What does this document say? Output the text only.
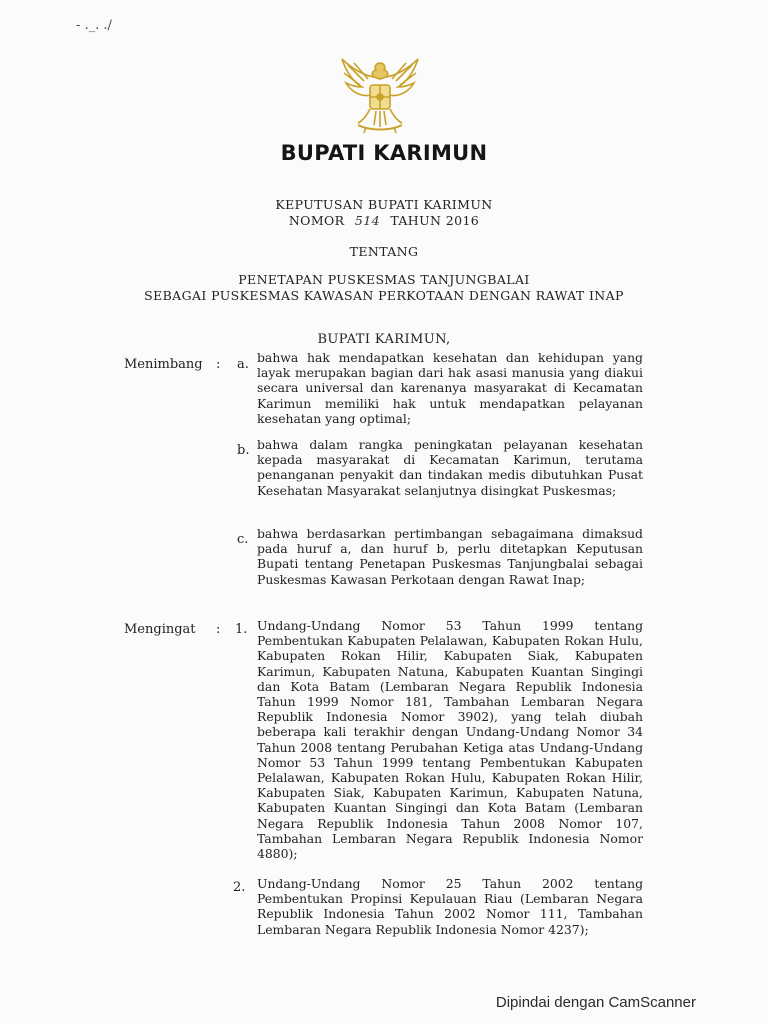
- ._. ./
BUPATI KARIMUN
KEPUTUSAN BUPATI KARIMUN
NOMOR 514 TAHUN 2016
TENTANG
PENETAPAN PUSKESMAS TANJUNGBALAI
SEBAGAI PUSKESMAS KAWASAN PERKOTAAN DENGAN RAWAT INAP
BUPATI KARIMUN,
Menimbang : a. bahwa hak mendapatkan kesehatan dan kehidupan yang layak merupakan bagian dari hak asasi manusia yang diakui secara universal dan karenanya masyarakat di Kecamatan Karimun memiliki hak untuk mendapatkan pelayanan kesehatan yang optimal;
b. bahwa dalam rangka peningkatan pelayanan kesehatan kepada masyarakat di Kecamatan Karimun, terutama penanganan penyakit dan tindakan medis dibutuhkan Pusat Kesehatan Masyarakat selanjutnya disingkat Puskesmas;
c. bahwa berdasarkan pertimbangan sebagaimana dimaksud pada huruf a, dan huruf b, perlu ditetapkan Keputusan Bupati tentang Penetapan Puskesmas Tanjungbalai sebagai Puskesmas Kawasan Perkotaan dengan Rawat Inap;
Mengingat : 1. Undang-Undang Nomor 53 Tahun 1999 tentang Pembentukan Kabupaten Pelalawan, Kabupaten Rokan Hulu, Kabupaten Rokan Hilir, Kabupaten Siak, Kabupaten Karimun, Kabupaten Natuna, Kabupaten Kuantan Singingi dan Kota Batam (Lembaran Negara Republik Indonesia Tahun 1999 Nomor 181, Tambahan Lembaran Negara Republik Indonesia Nomor 3902), yang telah diubah beberapa kali terakhir dengan Undang-Undang Nomor 34 Tahun 2008 tentang Perubahan Ketiga atas Undang-Undang Nomor 53 Tahun 1999 tentang Pembentukan Kabupaten Pelalawan, Kabupaten Rokan Hulu, Kabupaten Rokan Hilir, Kabupaten Siak, Kabupaten Karimun, Kabupaten Natuna, Kabupaten Kuantan Singingi dan Kota Batam (Lembaran Negara Republik Indonesia Tahun 2008 Nomor 107, Tambahan Lembaran Negara Republik Indonesia Nomor 4880);
2. Undang-Undang Nomor 25 Tahun 2002 tentang Pembentukan Propinsi Kepulauan Riau (Lembaran Negara Republik Indonesia Tahun 2002 Nomor 111, Tambahan Lembaran Negara Republik Indonesia Nomor 4237);
Dipindai dengan CamScanner
